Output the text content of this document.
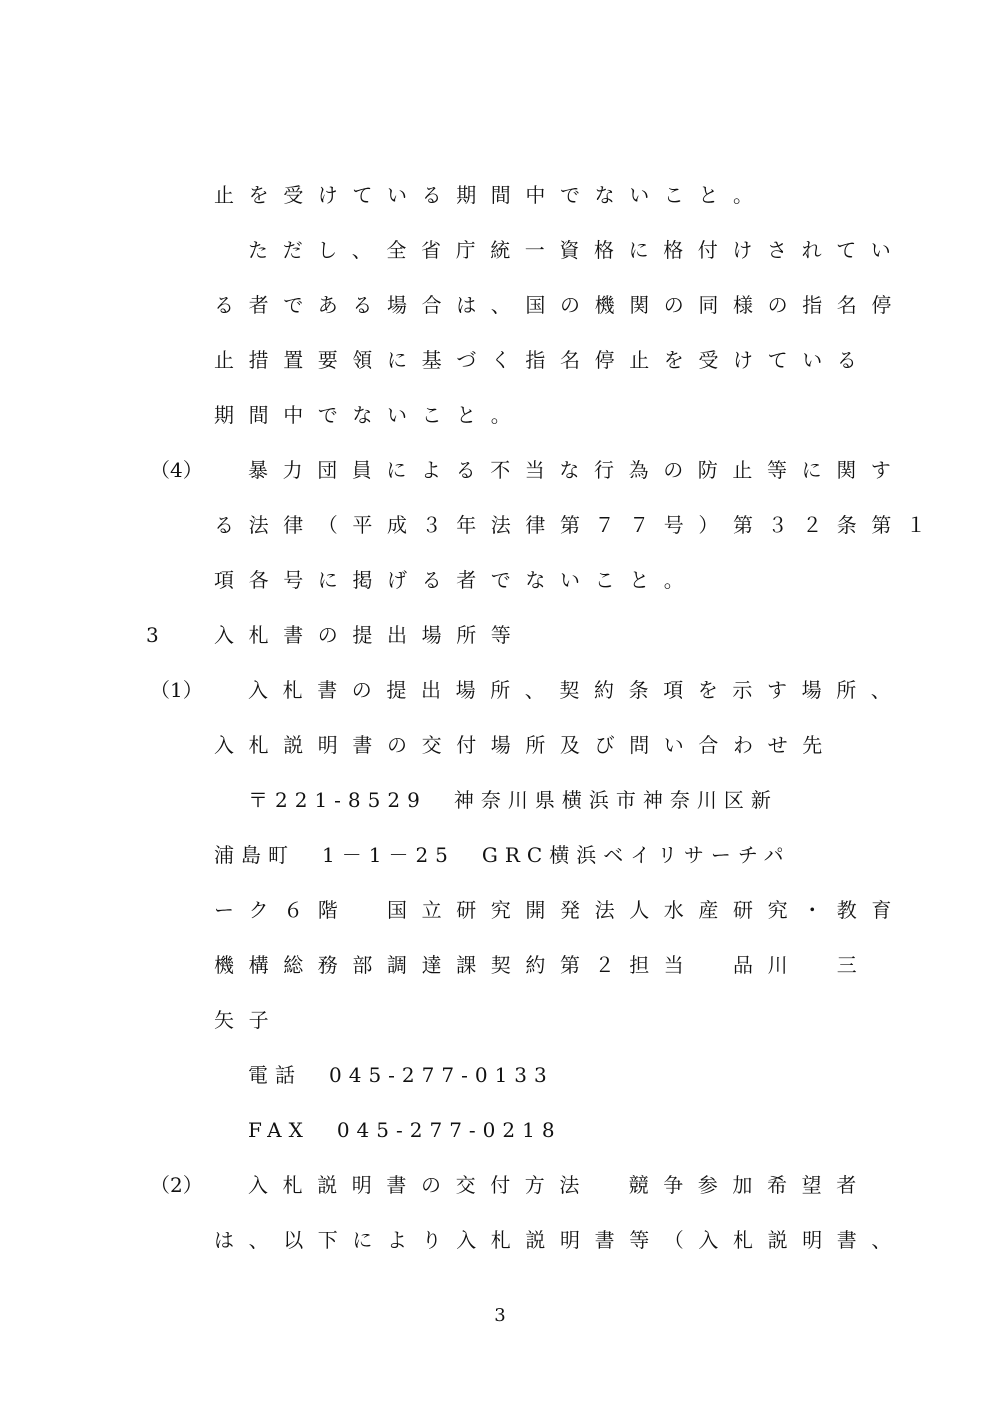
止を受けている期間中でないこと。

ただし、全省庁統一資格に格付けされてい

る者である場合は、国の機関の同様の指名停

止措置要領に基づく指名停止を受けている

期間中でないこと。

（4）

暴力団員による不当な行為の防止等に関す

る法律（平成３年法律第７７号）第３２条第１

項各号に掲げる者でないこと。

3

	入札書の提出場所等

（1）

入札書の提出場所、契約条項を示す場所、

入札説明書の交付場所及び問い合わせ先

〒221-8529　神奈川県横浜市神奈川区新

浦島町　1－1－25　GRC横浜ベイリサーチパ

ーク６階　国立研究開発法人水産研究・教育

機構総務部調達課契約第２担当　品川　三

矢子

電話　045-277-0133

FAX　045-277-0218

（2）

入札説明書の交付方法　競争参加希望者

は、以下により入札説明書等（入札説明書、

3
